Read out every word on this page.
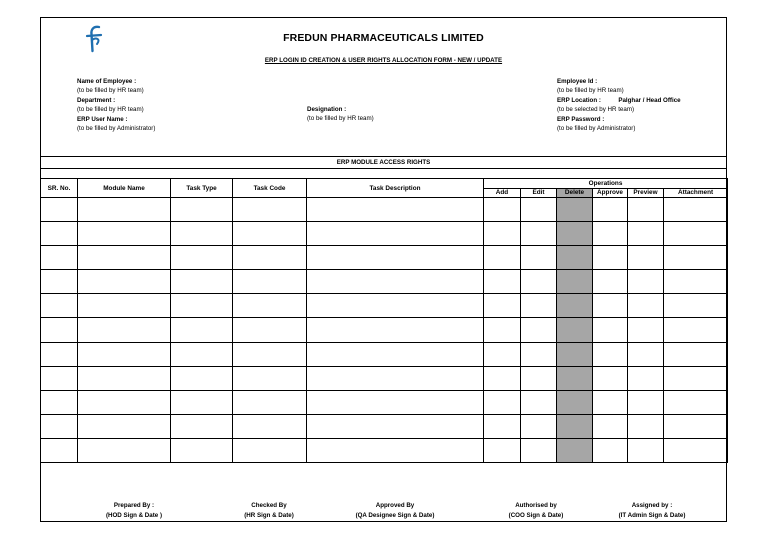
FREDUN PHARMACEUTICALS LIMITED
ERP LOGIN ID CREATION & USER RIGHTS ALLOCATION FORM - NEW / UPDATE
Name of Employee :
(to be filled by HR team)
Department :
(to be filled by HR team)
ERP User Name :
(to be filled by Administrator)
Designation :
(to be filled by HR team)
Employee Id :
(to be filled by HR team)
ERP Location :	Palghar / Head Office
(to be selected by HR team)
ERP Password :
(to be filled by Administrator)
ERP MODULE ACCESS RIGHTS
SR. No.	Module Name	Task Type	Task Code	Task Description	Operations					
					Add	Edit	Delete	Approve	Preview	Attachment

Prepared By :
(HOD Sign & Date )
Checked By
(HR Sign & Date)
Approved By
(QA Designee Sign & Date)
Authorised by
(COO Sign & Date)
Assigned by :
(IT Admin Sign & Date)
